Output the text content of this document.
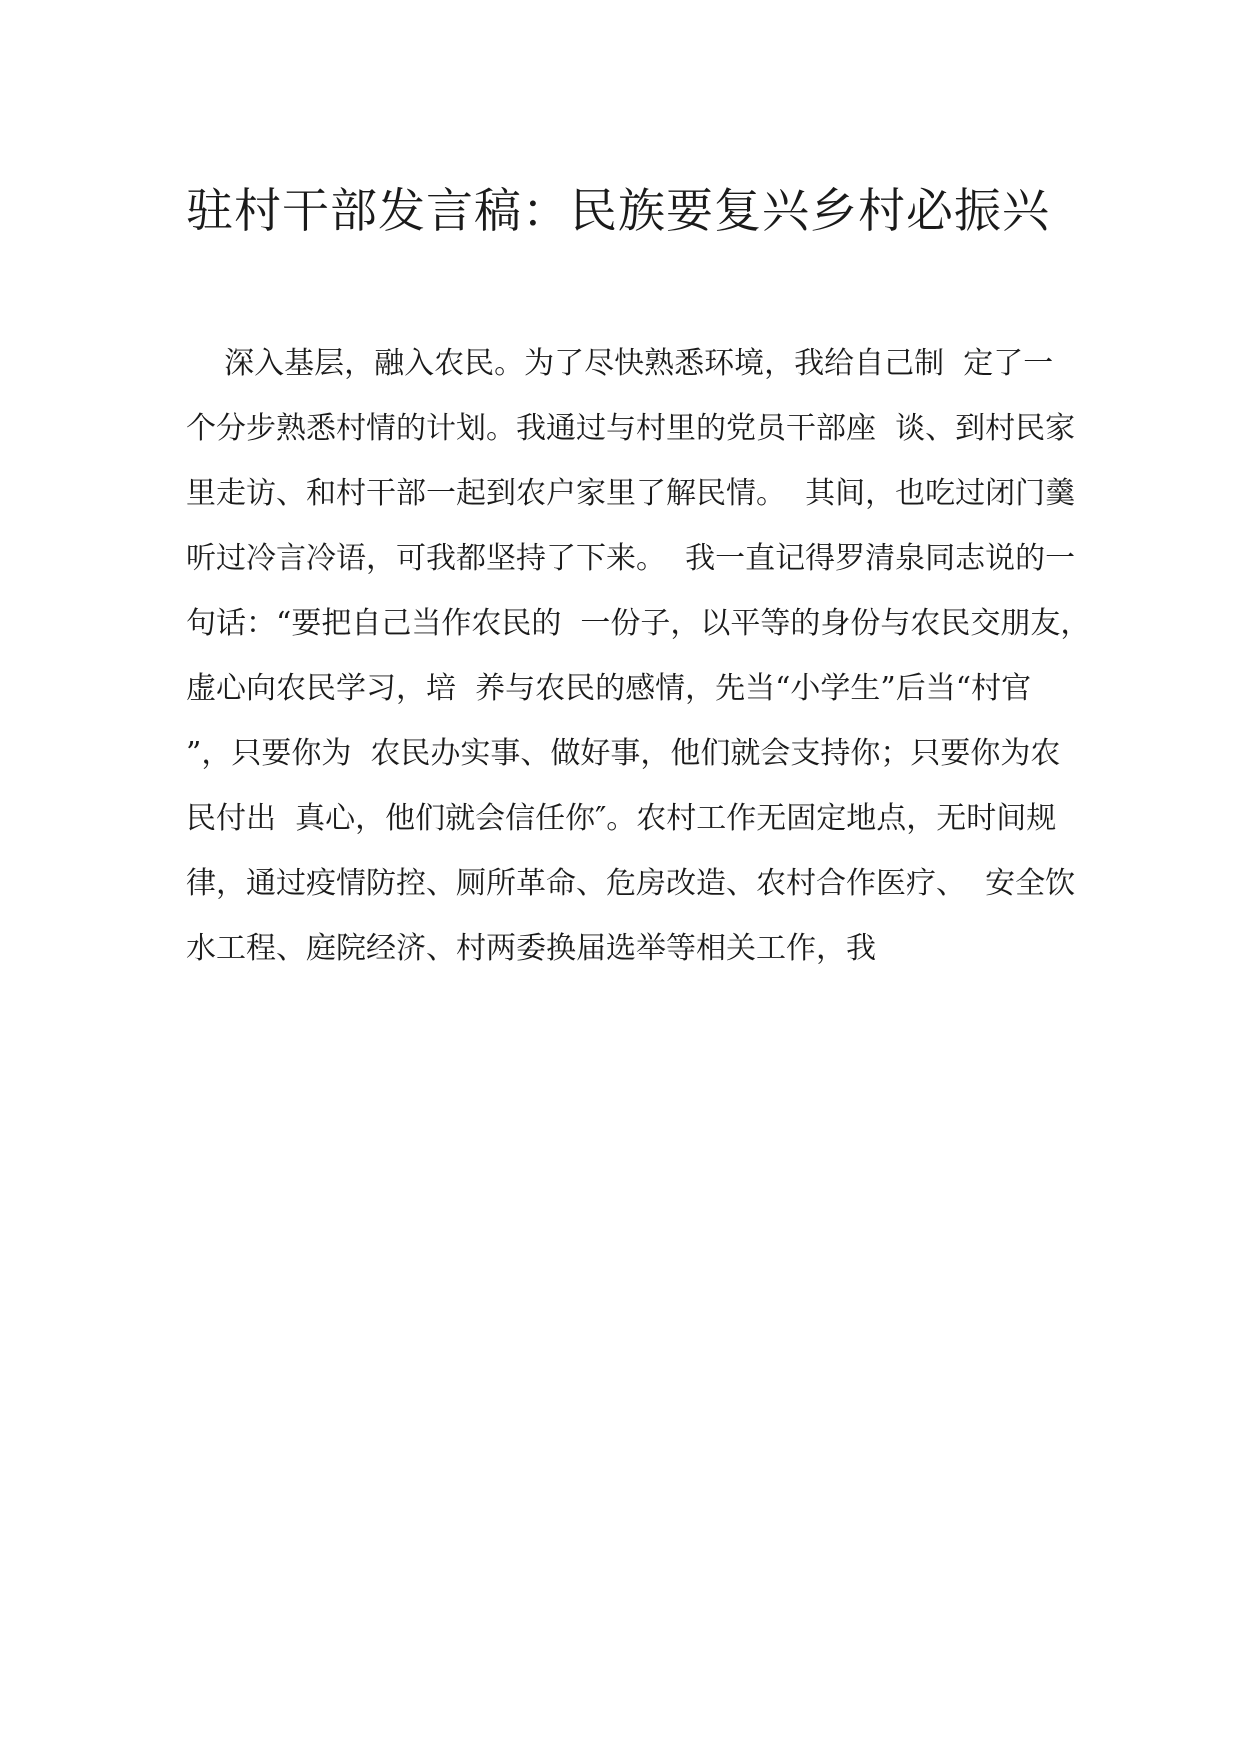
驻村干部发言稿：民族要复兴乡村必振兴
深入基层，融入农民。为了尽快熟悉环境，我给自己制  定了一
个分步熟悉村情的计划。我通过与村里的党员干部座  谈、到村民家
里走访、和村干部一起到农户家里了解民情。  其间，也吃过闭门羹
听过冷言冷语，可我都坚持了下来。  我一直记得罗清泉同志说的一
句话：“要把自己当作农民的  一份子，以平等的身份与农民交朋友，
虚心向农民学习，培  养与农民的感情，先当“小学生”后当“村官
”，只要你为  农民办实事、做好事，他们就会支持你；只要你为农
民付出  真心，他们就会信任你″。农村工作无固定地点，无时间规
律，通过疫情防控、厕所革命、危房改造、农村合作医疗、  安全饮
水工程、庭院经济、村两委换届选举等相关工作，我
